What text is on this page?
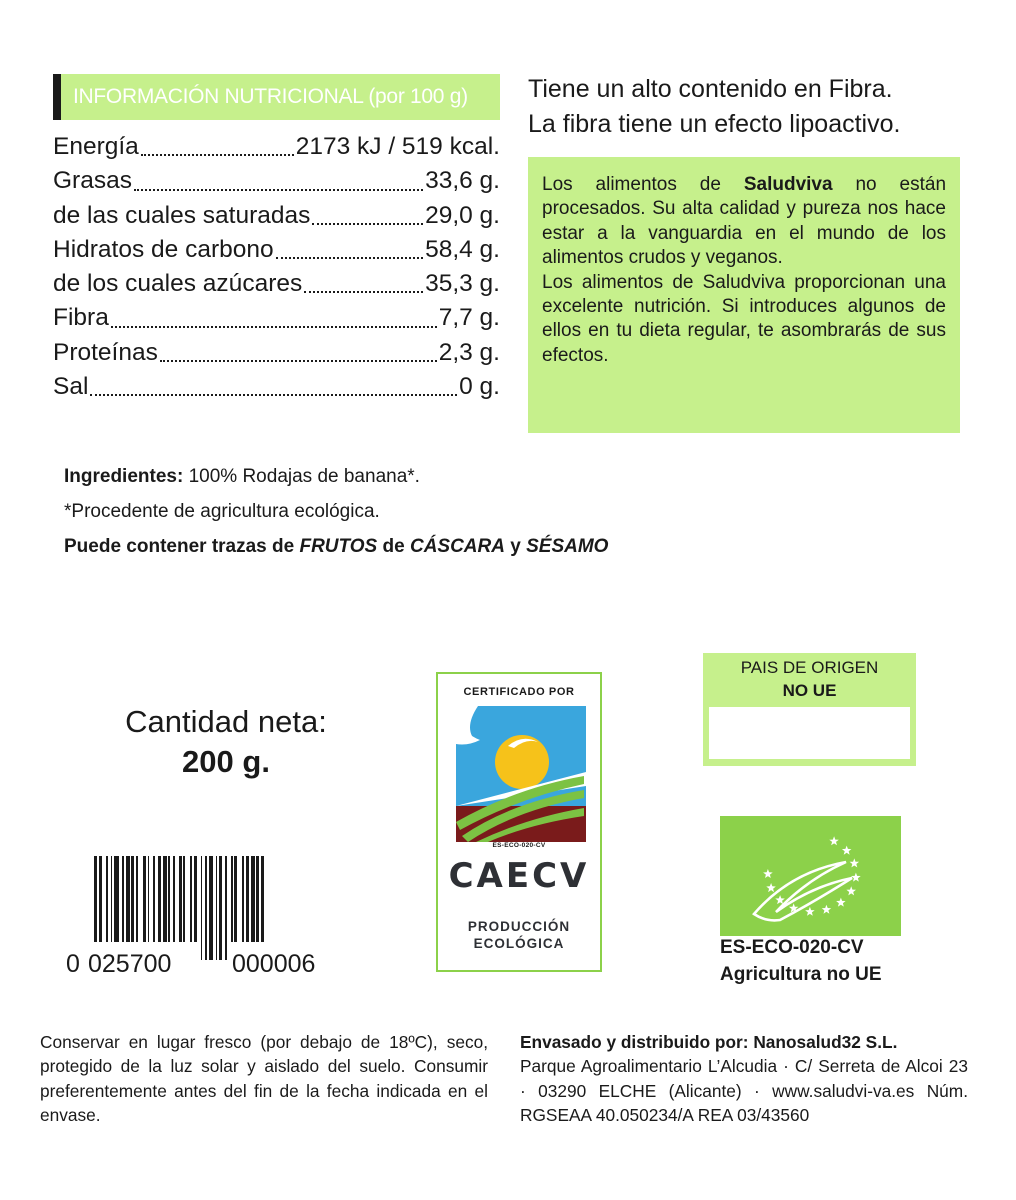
INFORMACIÓN NUTRICIONAL (por 100 g)
Energía	2173 kJ / 519 kcal.
Grasas	33,6 g.
de las cuales saturadas	29,0 g.
Hidratos de carbono	58,4 g.
de los cuales azúcares	35,3 g.
Fibra	7,7 g.
Proteínas	2,3 g.
Sal	0 g.
Tiene un alto contenido en Fibra.
La fibra tiene un efecto lipoactivo.

Los alimentos de Saludviva no están procesados. Su alta calidad y pureza nos hace estar a la vanguardia en el mundo de los alimentos crudos y veganos.

Los alimentos de Saludviva proporcionan una excelente nutrición. Si introduces algunos de ellos en tu dieta regular, te asombrarás de sus efectos.

Ingredientes: 100% Rodajas de banana*.
*Procedente de agricultura ecológica.
Puede contener trazas de FRUTOS de CÁSCARA y SÉSAMO
Cantidad neta:
200 g.
0 025700 000006
CERTIFICADO POR
ES-ECO-020-CV
CAECV
PRODUCCIÓN
ECOLÓGICA
PAIS DE ORIGEN
NO UE
ES-ECO-020-CV
Agricultura no UE
Conservar en lugar fresco (por debajo de 18ºC), seco, protegido de la luz solar y aislado del suelo. Consumir preferentemente antes del fin de la fecha indicada en el envase.
Envasado y distribuido por: Nanosalud32 S.L.
Parque Agroalimentario L’Alcudia · C/ Serreta de Alcoi 23 · 03290 ELCHE (Alicante) · www.saludvi-va.es Núm. RGSEAA 40.050234/A REA 03/43560
